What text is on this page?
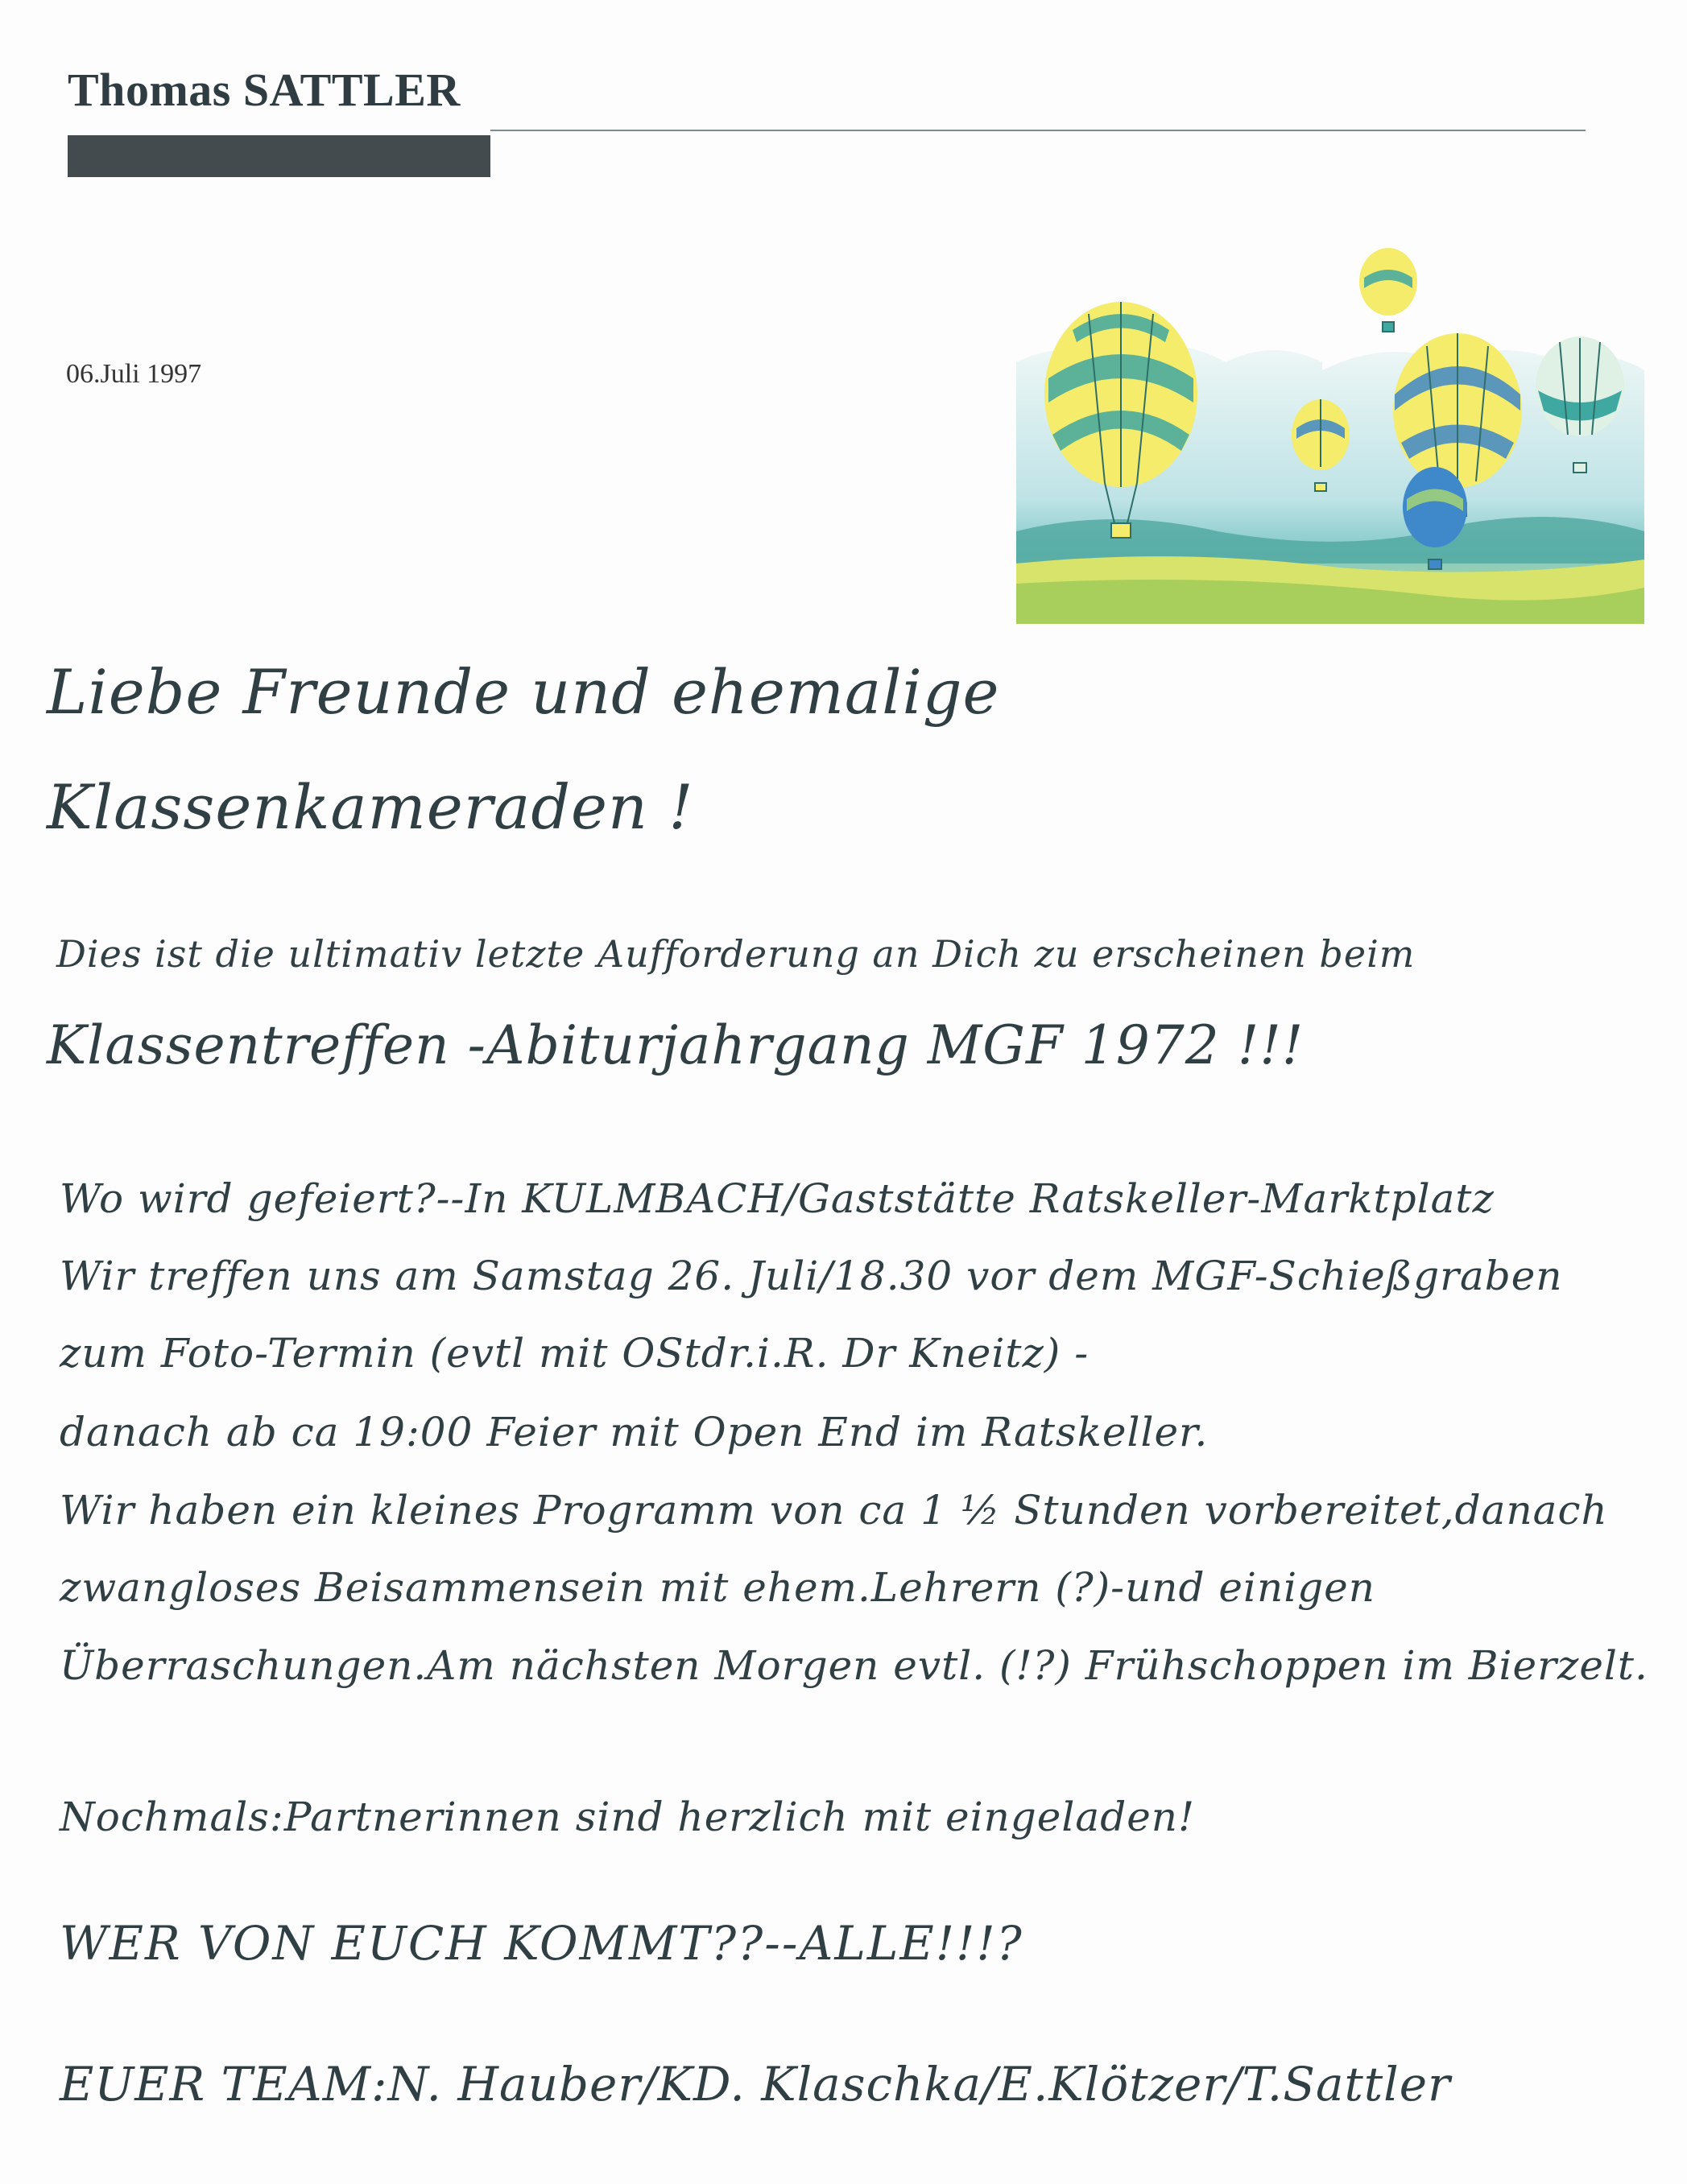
Thomas SATTLER
06.Juli 1997
Liebe Freunde und ehemalige
Klassenkameraden !
Dies ist die ultimativ letzte Aufforderung an Dich zu erscheinen beim
Klassentreffen -Abiturjahrgang MGF 1972 !!!
Wo wird gefeiert?--In KULMBACH/Gaststätte Ratskeller-Marktplatz
Wir treffen uns am Samstag 26. Juli/18.30 vor dem MGF-Schießgraben
zum Foto-Termin (evtl mit OStdr.i.R. Dr Kneitz) -
danach ab ca 19:00 Feier mit Open End im Ratskeller.
Wir haben ein kleines Programm von ca 1 ½ Stunden vorbereitet,danach
zwangloses Beisammensein mit ehem.Lehrern (?)-und einigen
Überraschungen.Am nächsten Morgen evtl. (!?) Frühschoppen im Bierzelt.
Nochmals:Partnerinnen sind herzlich mit eingeladen!
WER VON EUCH KOMMT??--ALLE!!!?
EUER TEAM:N. Hauber/KD. Klaschka/E.Klötzer/T.Sattler
